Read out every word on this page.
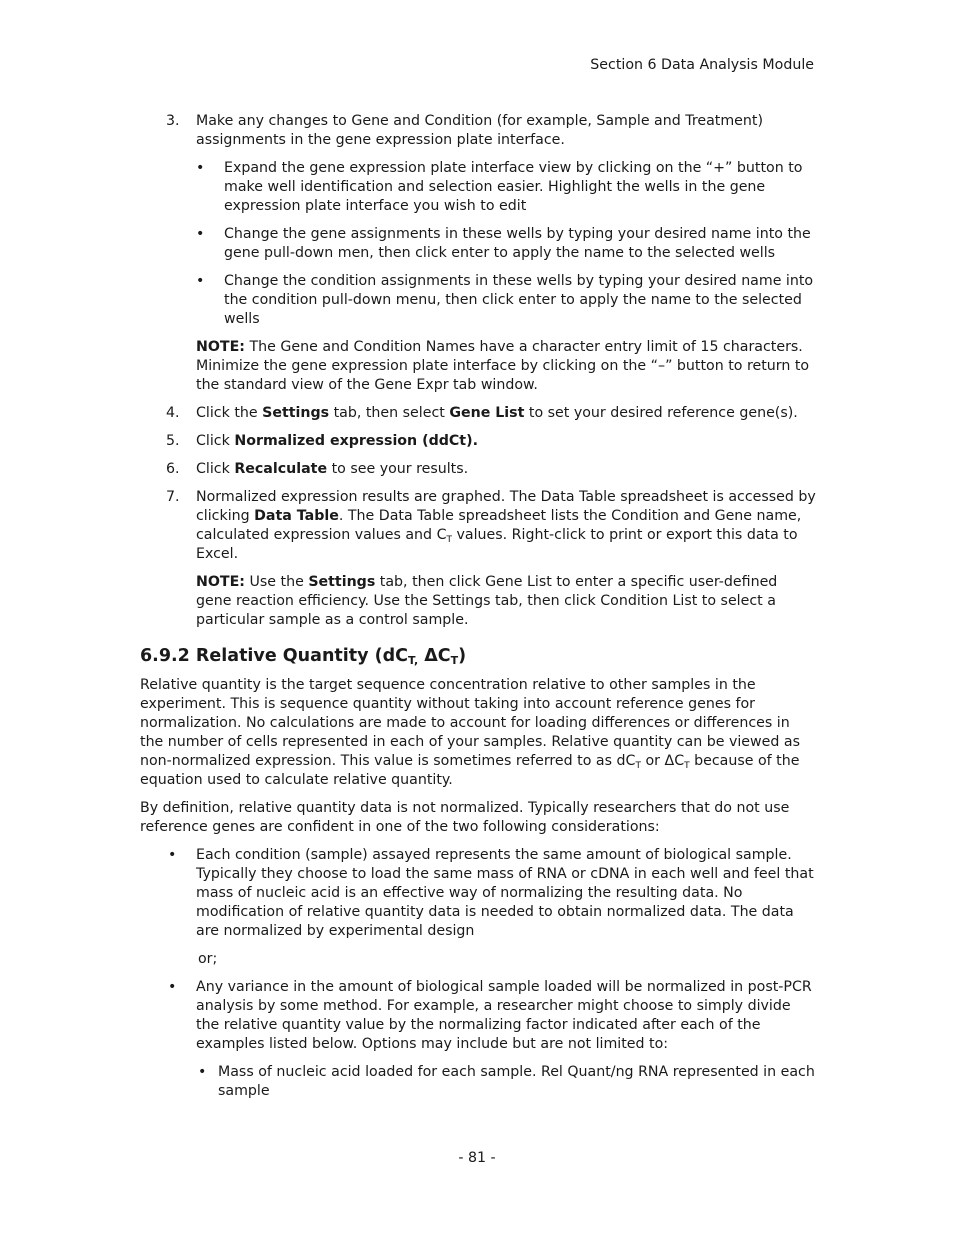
Section 6 Data Analysis Module
3. Make any changes to Gene and Condition (for example, Sample and Treatment) assignments in the gene expression plate interface.

• Expand the gene expression plate interface view by clicking on the “+” button to make well identification and selection easier. Highlight the wells in the gene expression plate interface you wish to edit
• Change the gene assignments in these wells by typing your desired name into the gene pull-down men, then click enter to apply the name to the selected wells
• Change the condition assignments in these wells by typing your desired name into the condition pull-down menu, then click enter to apply the name to the selected wells

NOTE: The Gene and Condition Names have a character entry limit of 15 characters. Minimize the gene expression plate interface by clicking on the “–” button to return to the standard view of the Gene Expr tab window.

4. Click the Settings tab, then select Gene List to set your desired reference gene(s).

5. Click Normalized expression (ddCt).

6. Click Recalculate to see your results.

7. Normalized expression results are graphed. The Data Table spreadsheet is accessed by clicking Data Table. The Data Table spreadsheet lists the Condition and Gene name, calculated expression values and $C_T$ values. Right-click to print or export this data to Excel.

NOTE: Use the Settings tab, then click Gene List to enter a specific user-defined gene reaction efficiency. Use the Settings tab, then click Condition List to select a particular sample as a control sample.

6.9.2 Relative Quantity ($dC_{T,}$ $\Delta C_T$)

Relative quantity is the target sequence concentration relative to other samples in the experiment. This is sequence quantity without taking into account reference genes for normalization. No calculations are made to account for loading differences or differences in the number of cells represented in each of your samples. Relative quantity can be viewed as non-normalized expression. This value is sometimes referred to as $dC_T$ or $\Delta C_T$ because of the equation used to calculate relative quantity.

By definition, relative quantity data is not normalized. Typically researchers that do not use reference genes are confident in one of the two following considerations:

• Each condition (sample) assayed represents the same amount of biological sample. Typically they choose to load the same mass of RNA or cDNA in each well and feel that mass of nucleic acid is an effective way of normalizing the resulting data. No modification of relative quantity data is needed to obtain normalized data. The data are normalized by experimental design
or;
• Any variance in the amount of biological sample loaded will be normalized in post-PCR analysis by some method. For example, a researcher might choose to simply divide the relative quantity value by the normalizing factor indicated after each of the examples listed below. Options may include but are not limited to:
• Mass of nucleic acid loaded for each sample. Rel Quant/ng RNA represented in each sample
- 81 -
